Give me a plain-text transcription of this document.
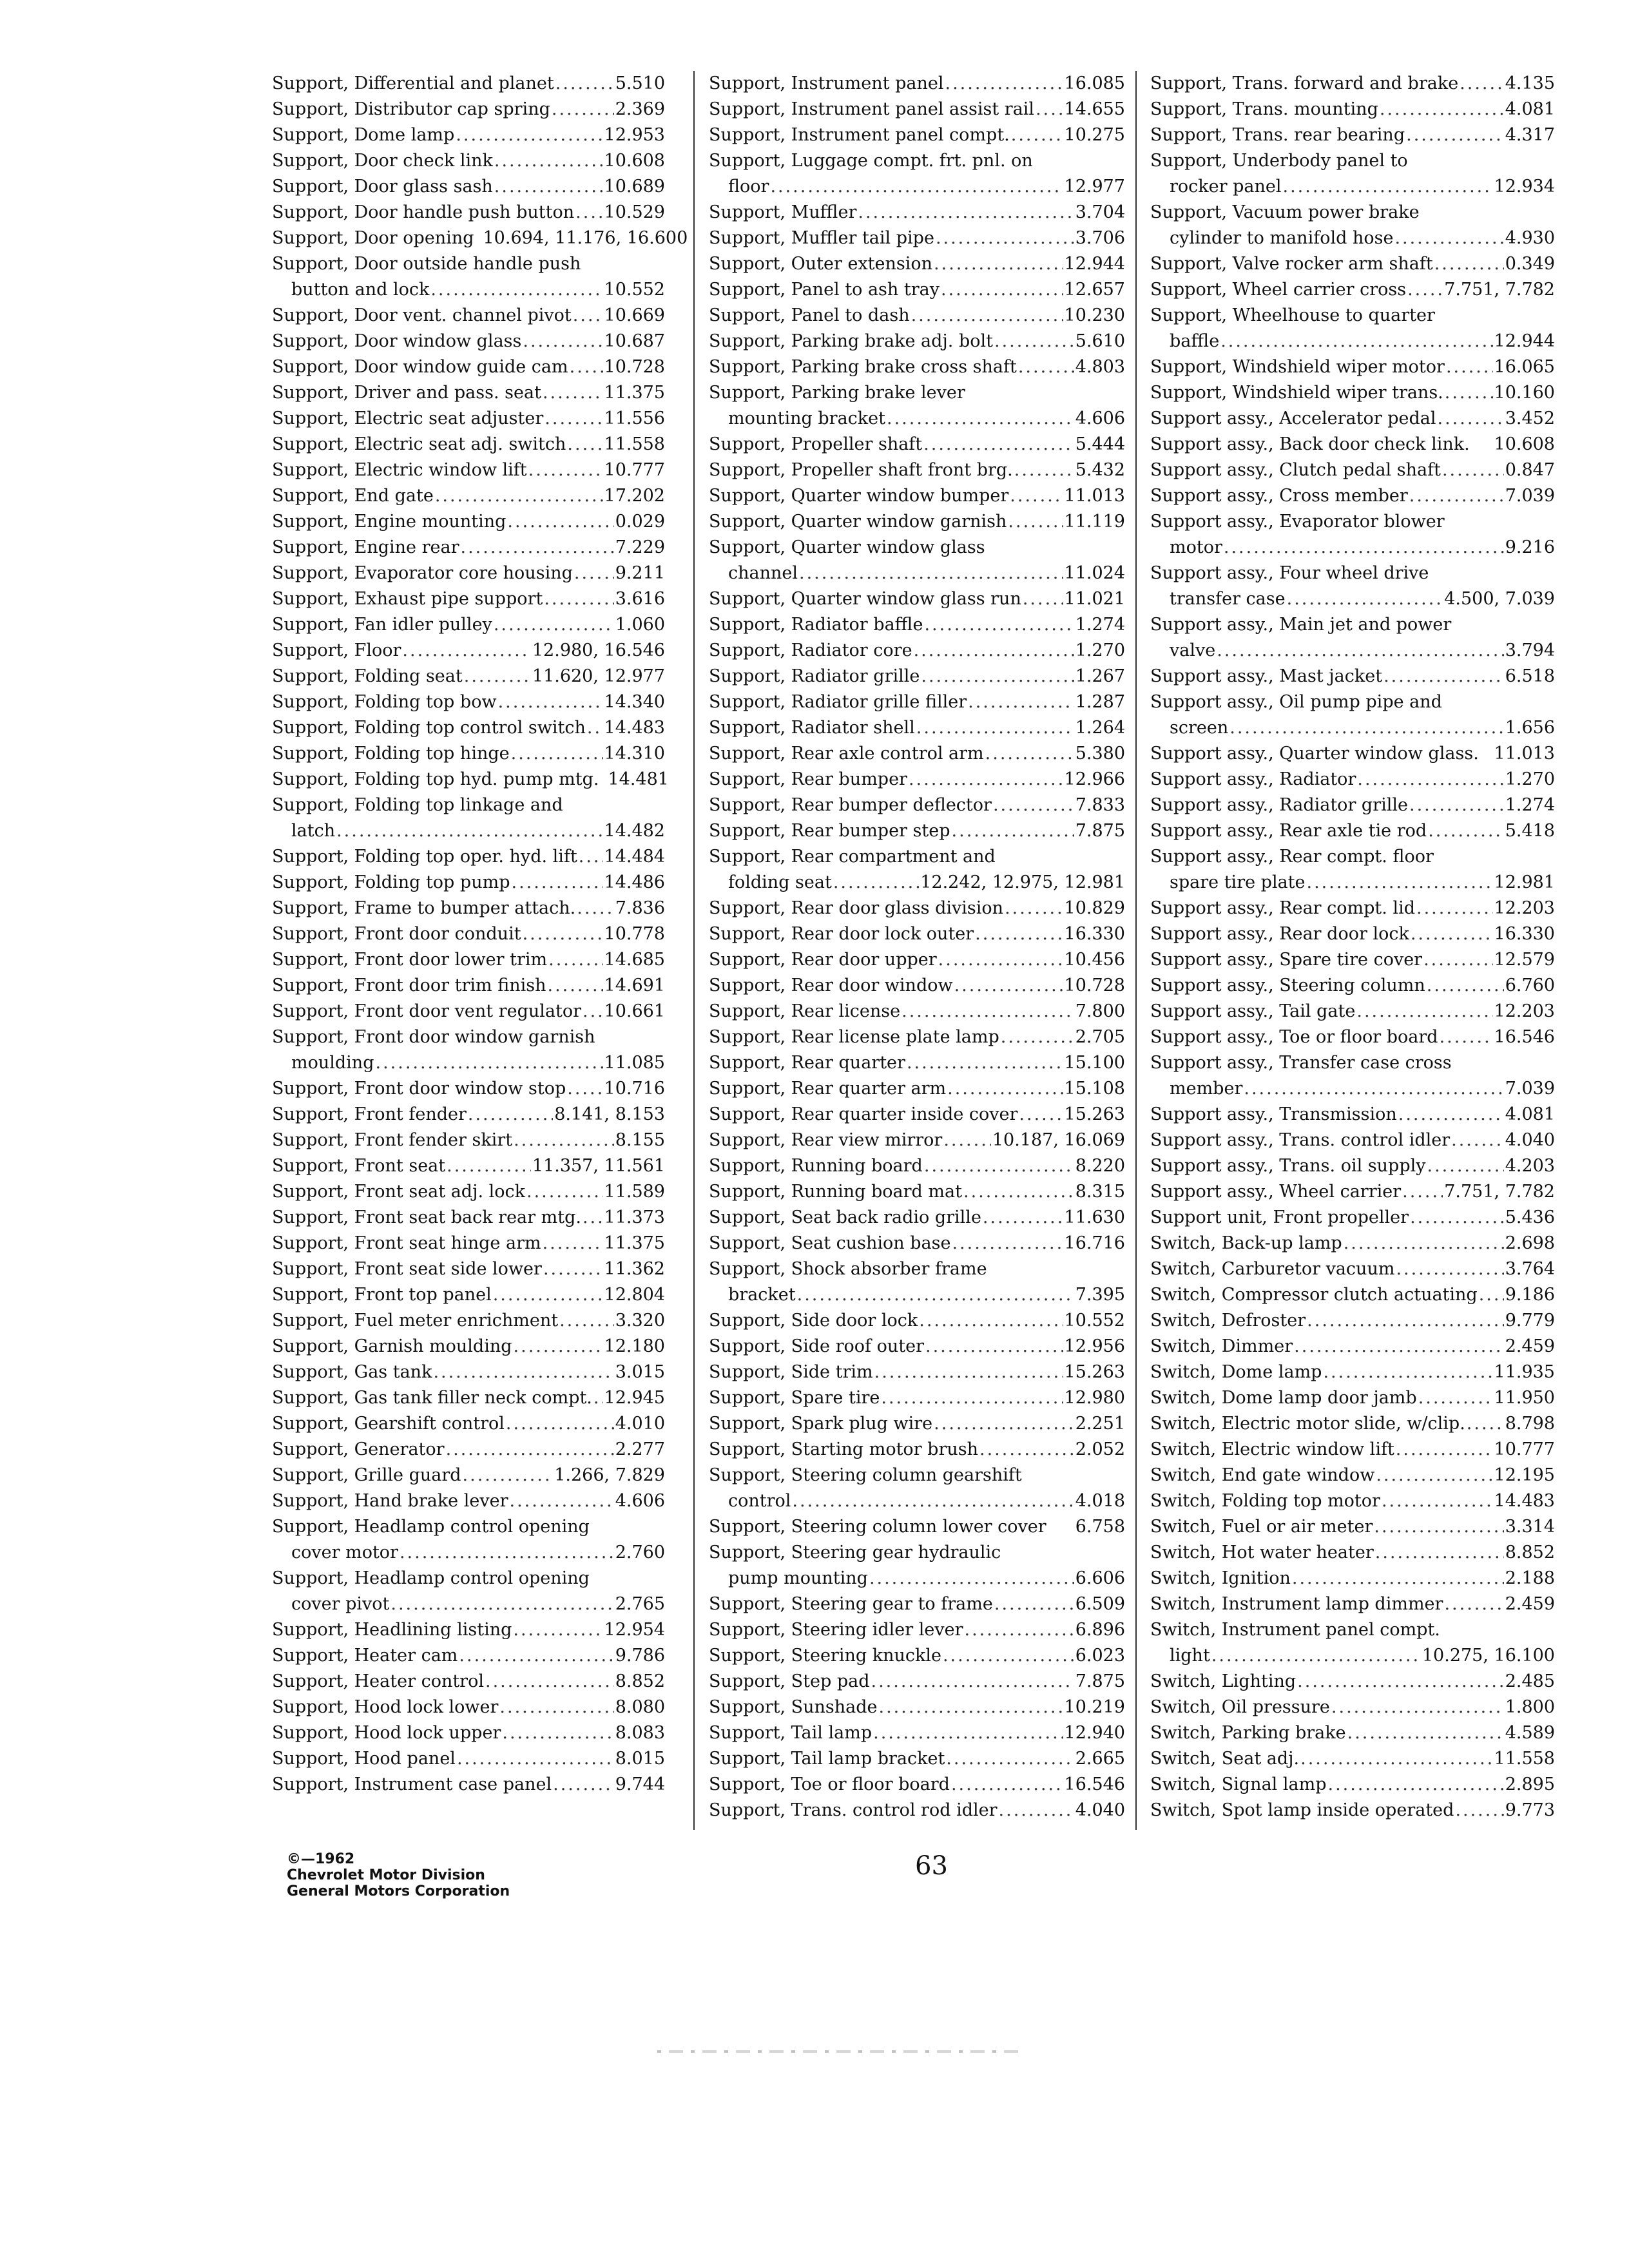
Support, Differential and planet .....	5.510
Support, Distributor cap spring .....	2.369
Support, Dome lamp .....	12.953
Support, Door check link .....	10.608
Support, Door glass sash .....	10.689
Support, Door handle push button ..... 10.529
Support, Door opening 10.694, 11.176, 16.600
Support, Door outside handle push
button and lock .....	10.552
Support, Door vent. channel pivot ..... 10.669
Support, Door window glass .....	10.687
Support, Door window guide cam ..... 10.728
Support, Driver and pass. seat .....	11.375
Support, Electric seat adjuster .....	11.556
Support, Electric seat adj. switch ..... 11.558
Support, Electric window lift .....	10.777
Support, End gate .....	17.202
Support, Engine mounting .....	0.029
Support, Engine rear .....	7.229
Support, Evaporator core housing ..... 9.211
Support, Exhaust pipe support .....	3.616
Support, Fan idler pulley .....	1.060
Support, Floor .....	12.980, 16.546
Support, Folding seat .....	11.620, 12.977
Support, Folding top bow .....	14.340
Support, Folding top control switch ..... 14.483
Support, Folding top hinge .....	14.310
Support, Folding top hyd. pump mtg. 14.481
Support, Folding top linkage and
latch .....	14.482
Support, Folding top oper. hyd. lift ..... 14.484
Support, Folding top pump .....	14.486
Support, Frame to bumper attach. ..... 7.836
Support, Front door conduit .....	10.778
Support, Front door lower trim .....	14.685
Support, Front door trim finish .....	14.691
Support, Front door vent regulator ..... 10.661
Support, Front door window garnish
moulding .....	11.085
Support, Front door window stop ..... 10.716
Support, Front fender .....	8.141, 8.153
Support, Front fender skirt .....	8.155
Support, Front seat .....	11.357, 11.561
Support, Front seat adj. lock .....	11.589
Support, Front seat back rear mtg. ..... 11.373
Support, Front seat hinge arm .....	11.375
Support, Front seat side lower .....	11.362
Support, Front top panel .....	12.804
Support, Fuel meter enrichment .....	3.320
Support, Garnish moulding .....	12.180
Support, Gas tank .....	3.015
Support, Gas tank filler neck compt. ..... 12.945
Support, Gearshift control .....	4.010
Support, Generator .....	2.277
Support, Grille guard .....	1.266, 7.829
Support, Hand brake lever .....	4.606
Support, Headlamp control opening
cover motor .....	2.760
Support, Headlamp control opening
cover pivot .....	2.765
Support, Headlining listing .....	12.954
Support, Heater cam .....	9.786
Support, Heater control .....	8.852
Support, Hood lock lower .....	8.080
Support, Hood lock upper .....	8.083
Support, Hood panel .....	8.015
Support, Instrument case panel .....	9.744
Support, Instrument panel .....	16.085
Support, Instrument panel assist rail ..... 14.655
Support, Instrument panel compt. .....	10.275
Support, Luggage compt. frt. pnl. on
floor .....	12.977
Support, Muffler .....	3.704
Support, Muffler tail pipe .....	3.706
Support, Outer extension .....	12.944
Support, Panel to ash tray .....	12.657
Support, Panel to dash .....	10.230
Support, Parking brake adj. bolt .....	5.610
Support, Parking brake cross shaft .....	4.803
Support, Parking brake lever
mounting bracket .....	4.606
Support, Propeller shaft .....	5.444
Support, Propeller shaft front brg. .....	5.432
Support, Quarter window bumper .....	11.013
Support, Quarter window garnish .....	11.119
Support, Quarter window glass
channel .....	11.024
Support, Quarter window glass run ..... 11.021
Support, Radiator baffle .....	1.274
Support, Radiator core .....	1.270
Support, Radiator grille .....	1.267
Support, Radiator grille filler .....	1.287
Support, Radiator shell .....	1.264
Support, Rear axle control arm .....	5.380
Support, Rear bumper .....	12.966
Support, Rear bumper deflector .....	7.833
Support, Rear bumper step .....	7.875
Support, Rear compartment and
folding seat .....	12.242, 12.975, 12.981
Support, Rear door glass division .....	10.829
Support, Rear door lock outer .....	16.330
Support, Rear door upper .....	10.456
Support, Rear door window .....	10.728
Support, Rear license .....	7.800
Support, Rear license plate lamp .....	2.705
Support, Rear quarter .....	15.100
Support, Rear quarter arm .....	15.108
Support, Rear quarter inside cover .....	15.263
Support, Rear view mirror .....	10.187, 16.069
Support, Running board .....	8.220
Support, Running board mat .....	8.315
Support, Seat back radio grille .....	11.630
Support, Seat cushion base .....	16.716
Support, Shock absorber frame
bracket .....	7.395
Support, Side door lock .....	10.552
Support, Side roof outer .....	12.956
Support, Side trim .....	15.263
Support, Spare tire .....	12.980
Support, Spark plug wire .....	2.251
Support, Starting motor brush .....	2.052
Support, Steering column gearshift
control .....	4.018
Support, Steering column lower cover 6.758
Support, Steering gear hydraulic
pump mounting .....	6.606
Support, Steering gear to frame .....	6.509
Support, Steering idler lever .....	6.896
Support, Steering knuckle .....	6.023
Support, Step pad .....	7.875
Support, Sunshade .....	10.219
Support, Tail lamp .....	12.940
Support, Tail lamp bracket .....	2.665
Support, Toe or floor board .....	16.546
Support, Trans. control rod idler .....	4.040
Support, Trans. forward and brake .....	4.135
Support, Trans. mounting .....	4.081
Support, Trans. rear bearing .....	4.317
Support, Underbody panel to
rocker panel .....	12.934
Support, Vacuum power brake
cylinder to manifold hose .....	4.930
Support, Valve rocker arm shaft .....	0.349
Support, Wheel carrier cross ..... 7.751, 7.782
Support, Wheelhouse to quarter
baffle .....	12.944
Support, Windshield wiper motor .....	16.065
Support, Windshield wiper trans. .....	10.160
Support assy., Accelerator pedal .....	3.452
Support assy., Back door check link. 10.608
Support assy., Clutch pedal shaft .....	0.847
Support assy., Cross member .....	7.039
Support assy., Evaporator blower
motor .....	9.216
Support assy., Four wheel drive
transfer case .....	4.500, 7.039
Support assy., Main jet and power
valve .....	3.794
Support assy., Mast jacket .....	6.518
Support assy., Oil pump pipe and
screen .....	1.656
Support assy., Quarter window glass. 11.013
Support assy., Radiator .....	1.270
Support assy., Radiator grille .....	1.274
Support assy., Rear axle tie rod .....	5.418
Support assy., Rear compt. floor
spare tire plate .....	12.981
Support assy., Rear compt. lid .....	12.203
Support assy., Rear door lock .....	16.330
Support assy., Spare tire cover .....	12.579
Support assy., Steering column .....	6.760
Support assy., Tail gate .....	12.203
Support assy., Toe or floor board .....	16.546
Support assy., Transfer case cross
member .....	7.039
Support assy., Transmission .....	4.081
Support assy., Trans. control idler .....	4.040
Support assy., Trans. oil supply .....	4.203
Support assy., Wheel carrier ..... 7.751, 7.782
Support unit, Front propeller .....	5.436
Switch, Back-up lamp .....	2.698
Switch, Carburetor vacuum .....	3.764
Switch, Compressor clutch actuating ..... 9.186
Switch, Defroster .....	9.779
Switch, Dimmer .....	2.459
Switch, Dome lamp .....	11.935
Switch, Dome lamp door jamb .....	11.950
Switch, Electric motor slide, w/clip. ..... 8.798
Switch, Electric window lift .....	10.777
Switch, End gate window .....	12.195
Switch, Folding top motor .....	14.483
Switch, Fuel or air meter .....	3.314
Switch, Hot water heater .....	8.852
Switch, Ignition .....	2.188
Switch, Instrument lamp dimmer .....	2.459
Switch, Instrument panel compt.
light .....	10.275, 16.100
Switch, Lighting .....	2.485
Switch, Oil pressure .....	1.800
Switch, Parking brake .....	4.589
Switch, Seat adj. .....	11.558
Switch, Signal lamp .....	2.895
Switch, Spot lamp inside operated .....	9.773
©—1962
Chevrolet Motor Division
General Motors Corporation
63
